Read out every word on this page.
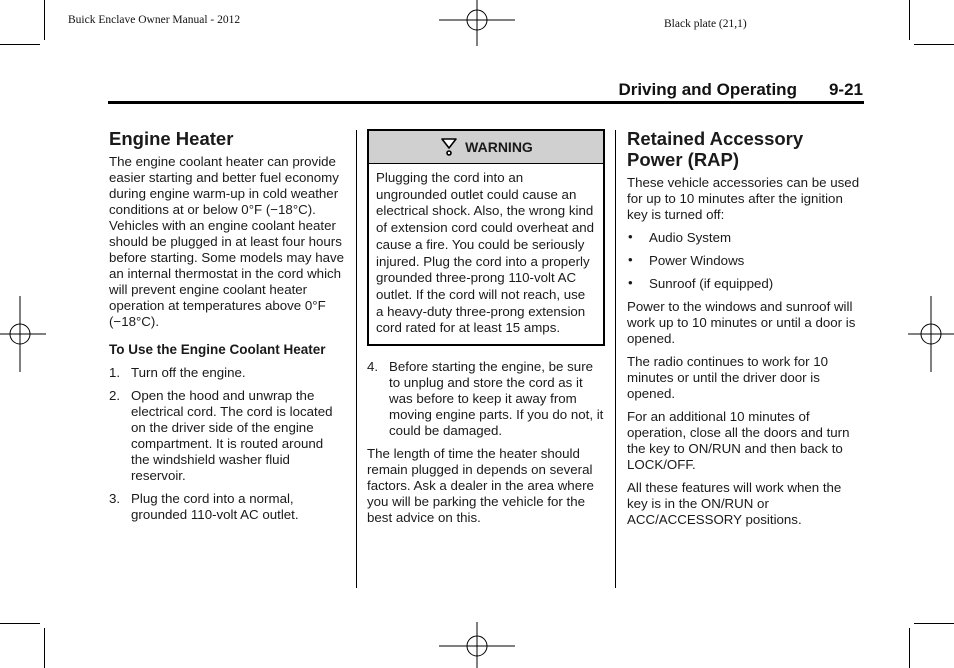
Buick Enclave Owner Manual - 2012	Black plate (21,1)
Driving and Operating 9-21
Engine Heater

The engine coolant heater can provide easier starting and better fuel economy during engine warm-up in cold weather conditions at or below 0°F (−18°C). Vehicles with an engine coolant heater should be plugged in at least four hours before starting. Some models may have an internal thermostat in the cord which will prevent engine coolant heater operation at temperatures above 0°F (−18°C).

To Use the Engine Coolant Heater
1. Turn off the engine.
2. Open the hood and unwrap the electrical cord. The cord is located on the driver side of the engine compartment. It is routed around the windshield washer fluid reservoir.
3. Plug the cord into a normal, grounded 110-volt AC outlet.
WARNING
Plugging the cord into an ungrounded outlet could cause an electrical shock. Also, the wrong kind of extension cord could overheat and cause a fire. You could be seriously injured. Plug the cord into a properly grounded three-prong 110-volt AC outlet. If the cord will not reach, use a heavy-duty three-prong extension cord rated for at least 15 amps.
4. Before starting the engine, be sure to unplug and store the cord as it was before to keep it away from moving engine parts. If you do not, it could be damaged.

The length of time the heater should remain plugged in depends on several factors. Ask a dealer in the area where you will be parking the vehicle for the best advice on this.

Retained Accessory Power (RAP)

These vehicle accessories can be used for up to 10 minutes after the ignition key is turned off:

• Audio System
• Power Windows
• Sunroof (if equipped)

Power to the windows and sunroof will work up to 10 minutes or until a door is opened.

The radio continues to work for 10 minutes or until the driver door is opened.

For an additional 10 minutes of operation, close all the doors and turn the key to ON/RUN and then back to LOCK/OFF.

All these features will work when the key is in the ON/RUN or ACC/ACCESSORY positions.
